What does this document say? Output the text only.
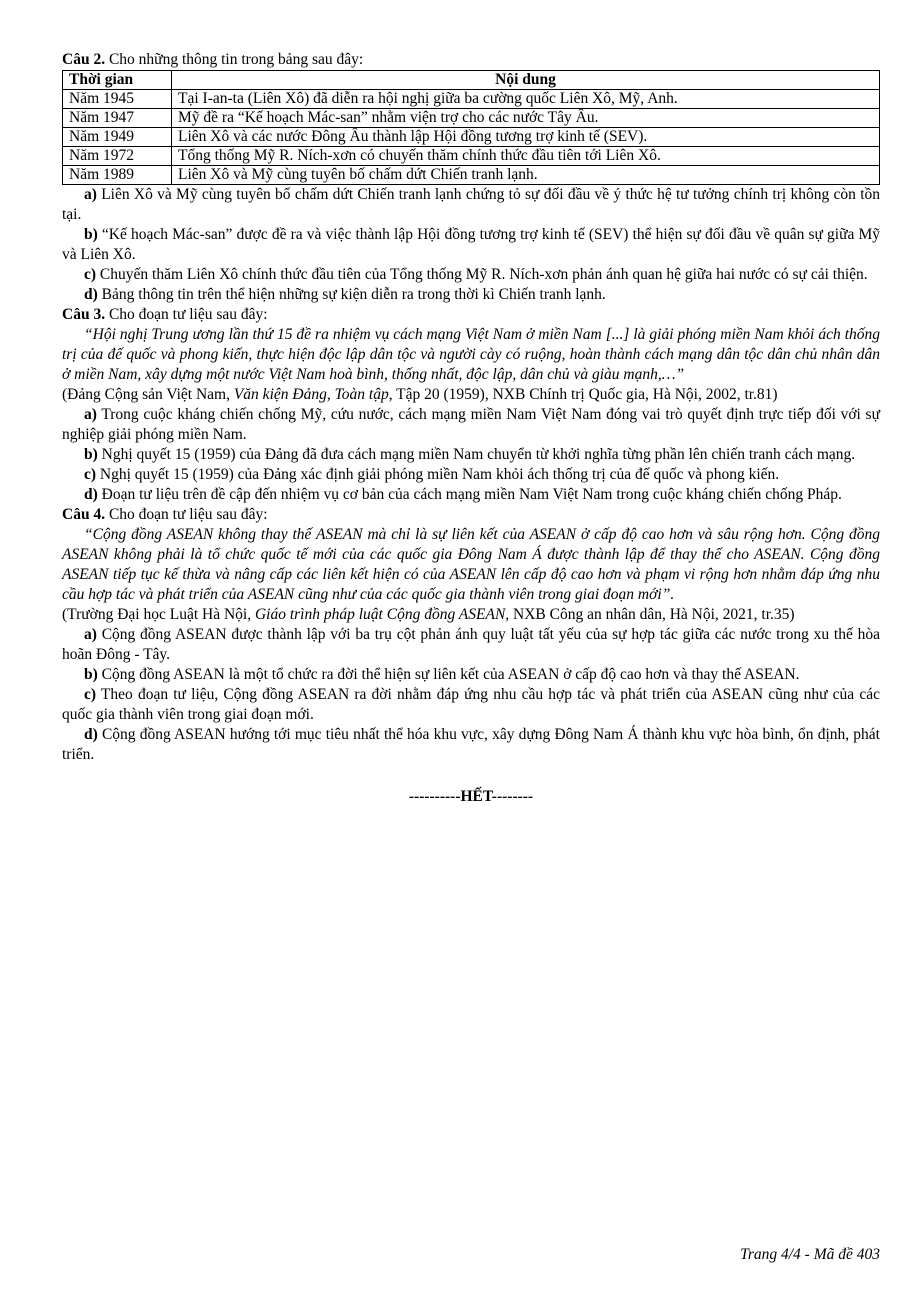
Câu 2. Cho những thông tin trong bảng sau đây:

Thời gian	Nội dung
Năm 1945	Tại I-an-ta (Liên Xô) đã diễn ra hội nghị giữa ba cường quốc Liên Xô, Mỹ, Anh.
Năm 1947	Mỹ đề ra “Kế hoạch Mác-san” nhằm viện trợ cho các nước Tây Âu.
Năm 1949	Liên Xô và các nước Đông Âu thành lập Hội đồng tương trợ kinh tế (SEV).
Năm 1972	Tổng thống Mỹ R. Ních-xơn có chuyến thăm chính thức đầu tiên tới Liên Xô.
Năm 1989	Liên Xô và Mỹ cùng tuyên bố chấm dứt Chiến tranh lạnh.

a) Liên Xô và Mỹ cùng tuyên bố chấm dứt Chiến tranh lạnh chứng tỏ sự đối đầu về ý thức hệ tư tưởng chính trị không còn tồn tại.

b) “Kế hoạch Mác-san” được đề ra và việc thành lập Hội đồng tương trợ kinh tế (SEV) thể hiện sự đối đầu về quân sự giữa Mỹ và Liên Xô.

c) Chuyến thăm Liên Xô chính thức đầu tiên của Tổng thống Mỹ R. Ních-xơn phản ánh quan hệ giữa hai nước có sự cải thiện.

d) Bảng thông tin trên thể hiện những sự kiện diễn ra trong thời kì Chiến tranh lạnh.

Câu 3. Cho đoạn tư liệu sau đây:

“Hội nghị Trung ương lần thứ 15 đề ra nhiệm vụ cách mạng Việt Nam ở miền Nam [...] là giải phóng miền Nam khỏi ách thống trị của đế quốc và phong kiến, thực hiện độc lập dân tộc và người cày có ruộng, hoàn thành cách mạng dân tộc dân chủ nhân dân ở miền Nam, xây dựng một nước Việt Nam hoà bình, thống nhất, độc lập, dân chủ và giàu mạnh,…”

(Đảng Cộng sản Việt Nam, Văn kiện Đảng, Toàn tập, Tập 20 (1959), NXB Chính trị Quốc gia, Hà Nội, 2002, tr.81)

a) Trong cuộc kháng chiến chống Mỹ, cứu nước, cách mạng miền Nam Việt Nam đóng vai trò quyết định trực tiếp đối với sự nghiệp giải phóng miền Nam.

b) Nghị quyết 15 (1959) của Đảng đã đưa cách mạng miền Nam chuyển từ khởi nghĩa từng phần lên chiến tranh cách mạng.

c) Nghị quyết 15 (1959) của Đảng xác định giải phóng miền Nam khỏi ách thống trị của đế quốc và phong kiến.

d) Đoạn tư liệu trên đề cập đến nhiệm vụ cơ bản của cách mạng miền Nam Việt Nam trong cuộc kháng chiến chống Pháp.

Câu 4. Cho đoạn tư liệu sau đây:

“Cộng đồng ASEAN không thay thế ASEAN mà chỉ là sự liên kết của ASEAN ở cấp độ cao hơn và sâu rộng hơn. Cộng đồng ASEAN không phải là tổ chức quốc tế mới của các quốc gia Đông Nam Á được thành lập để thay thế cho ASEAN. Cộng đồng ASEAN tiếp tục kế thừa và nâng cấp các liên kết hiện có của ASEAN lên cấp độ cao hơn và phạm vi rộng hơn nhằm đáp ứng nhu cầu hợp tác và phát triển của ASEAN cũng như của các quốc gia thành viên trong giai đoạn mới”.

(Trường Đại học Luật Hà Nội, Giáo trình pháp luật Cộng đồng ASEAN, NXB Công an nhân dân, Hà Nội, 2021, tr.35)

a) Cộng đồng ASEAN được thành lập với ba trụ cột phản ánh quy luật tất yếu của sự hợp tác giữa các nước trong xu thế hòa hoãn Đông - Tây.

b) Cộng đồng ASEAN là một tổ chức ra đời thể hiện sự liên kết của ASEAN ở cấp độ cao hơn và thay thế ASEAN.

c) Theo đoạn tư liệu, Cộng đồng ASEAN ra đời nhằm đáp ứng nhu cầu hợp tác và phát triển của ASEAN cũng như của các quốc gia thành viên trong giai đoạn mới.

d) Cộng đồng ASEAN hướng tới mục tiêu nhất thể hóa khu vực, xây dựng Đông Nam Á thành khu vực hòa bình, ổn định, phát triển.

----------HẾT--------

Trang 4/4 - Mã đề 403
